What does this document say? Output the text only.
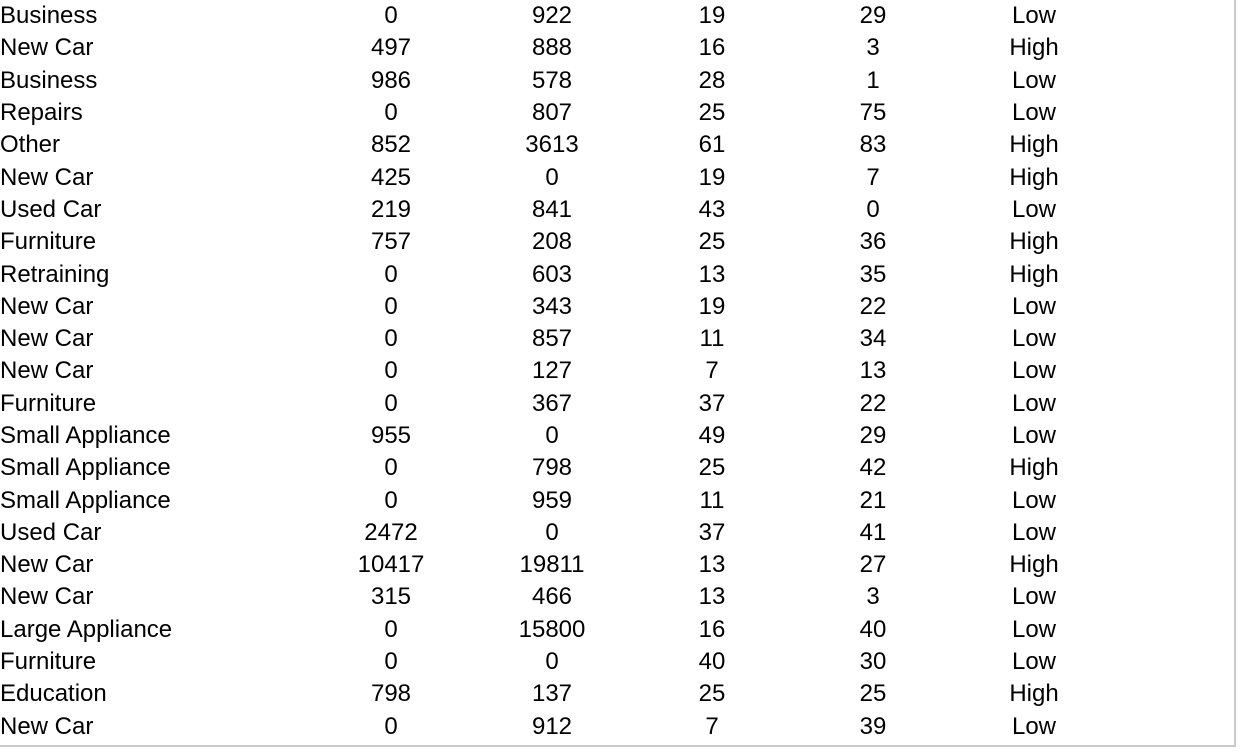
Business	0	922	19	29	Low
New Car	497	888	16	3	High
Business	986	578	28	1	Low
Repairs	0	807	25	75	Low
Other	852	3613	61	83	High
New Car	425	0	19	7	High
Used Car	219	841	43	0	Low
Furniture	757	208	25	36	High
Retraining	0	603	13	35	High
New Car	0	343	19	22	Low
New Car	0	857	11	34	Low
New Car	0	127	7	13	Low
Furniture	0	367	37	22	Low
Small Appliance	955	0	49	29	Low
Small Appliance	0	798	25	42	High
Small Appliance	0	959	11	21	Low
Used Car	2472	0	37	41	Low
New Car	10417	19811	13	27	High
New Car	315	466	13	3	Low
Large Appliance	0	15800	16	40	Low
Furniture	0	0	40	30	Low
Education	798	137	25	25	High
New Car	0	912	7	39	Low
